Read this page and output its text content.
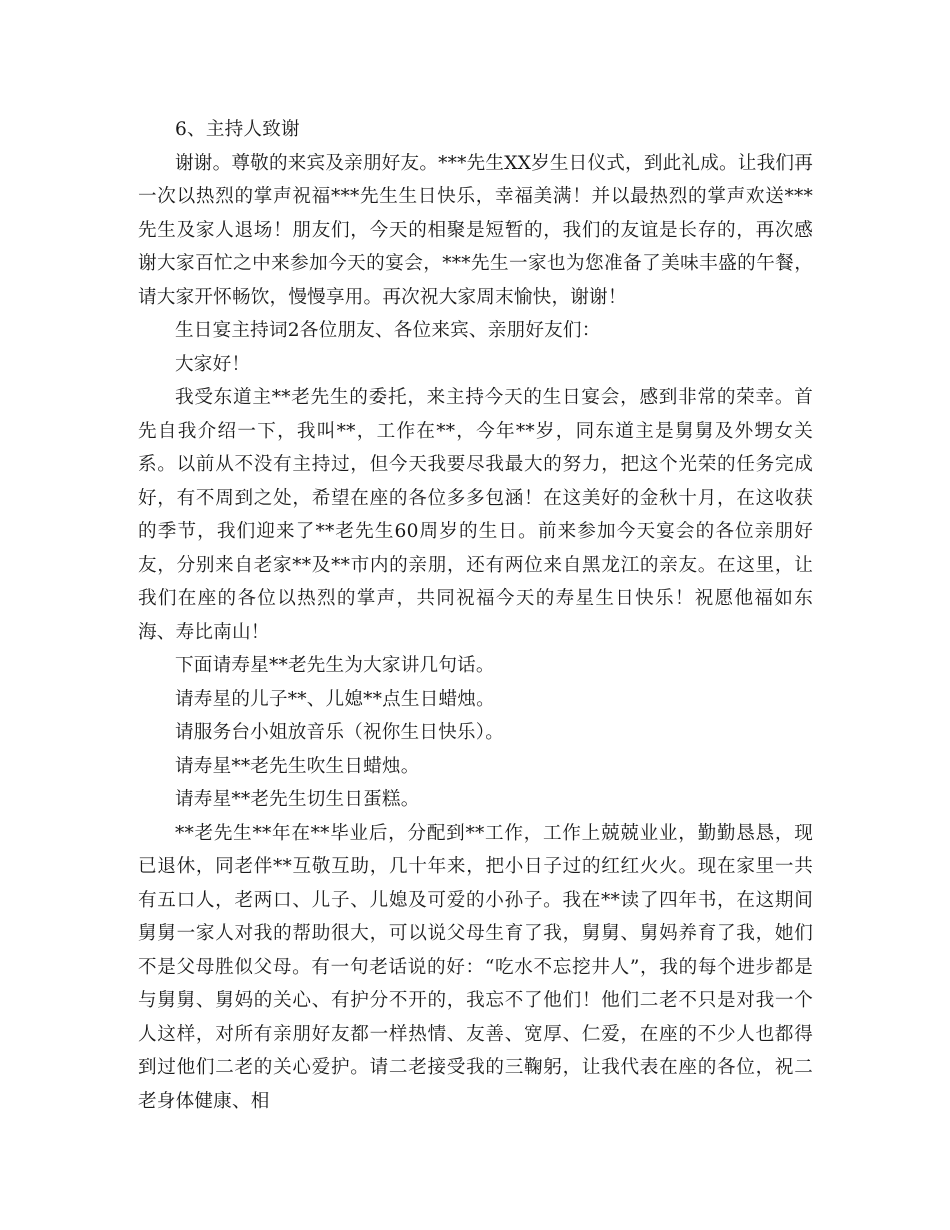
6、主持人致谢

谢谢。尊敬的来宾及亲朋好友。***先生XX岁生日仪式，到此礼成。让我们再一次以热烈的掌声祝福***先生生日快乐，幸福美满！并以最热烈的掌声欢送***先生及家人退场！朋友们，今天的相聚是短暂的，我们的友谊是长存的，再次感谢大家百忙之中来参加今天的宴会，***先生一家也为您准备了美味丰盛的午餐，请大家开怀畅饮，慢慢享用。再次祝大家周末愉快，谢谢！

生日宴主持词2各位朋友、各位来宾、亲朋好友们：

大家好！

我受东道主**老先生的委托，来主持今天的生日宴会，感到非常的荣幸。首先自我介绍一下，我叫**，工作在**，今年**岁，同东道主是舅舅及外甥女关系。以前从不没有主持过，但今天我要尽我最大的努力，把这个光荣的任务完成好，有不周到之处，希望在座的各位多多包涵！在这美好的金秋十月，在这收获的季节，我们迎来了**老先生60周岁的生日。前来参加今天宴会的各位亲朋好友，分别来自老家**及**市内的亲朋，还有两位来自黑龙江的亲友。在这里，让我们在座的各位以热烈的掌声，共同祝福今天的寿星生日快乐！祝愿他福如东海、寿比南山！

下面请寿星**老先生为大家讲几句话。

请寿星的儿子**、儿媳**点生日蜡烛。

请服务台小姐放音乐（祝你生日快乐）。

请寿星**老先生吹生日蜡烛。

请寿星**老先生切生日蛋糕。

**老先生**年在**毕业后，分配到**工作，工作上兢兢业业，勤勤恳恳，现已退休，同老伴**互敬互助，几十年来，把小日子过的红红火火。现在家里一共有五口人，老两口、儿子、儿媳及可爱的小孙子。我在**读了四年书，在这期间舅舅一家人对我的帮助很大，可以说父母生育了我，舅舅、舅妈养育了我，她们不是父母胜似父母。有一句老话说的好：“吃水不忘挖井人”，我的每个进步都是与舅舅、舅妈的关心、有护分不开的，我忘不了他们！他们二老不只是对我一个人这样，对所有亲朋好友都一样热情、友善、宽厚、仁爱，在座的不少人也都得到过他们二老的关心爱护。请二老接受我的三鞠躬，让我代表在座的各位，祝二老身体健康、相
